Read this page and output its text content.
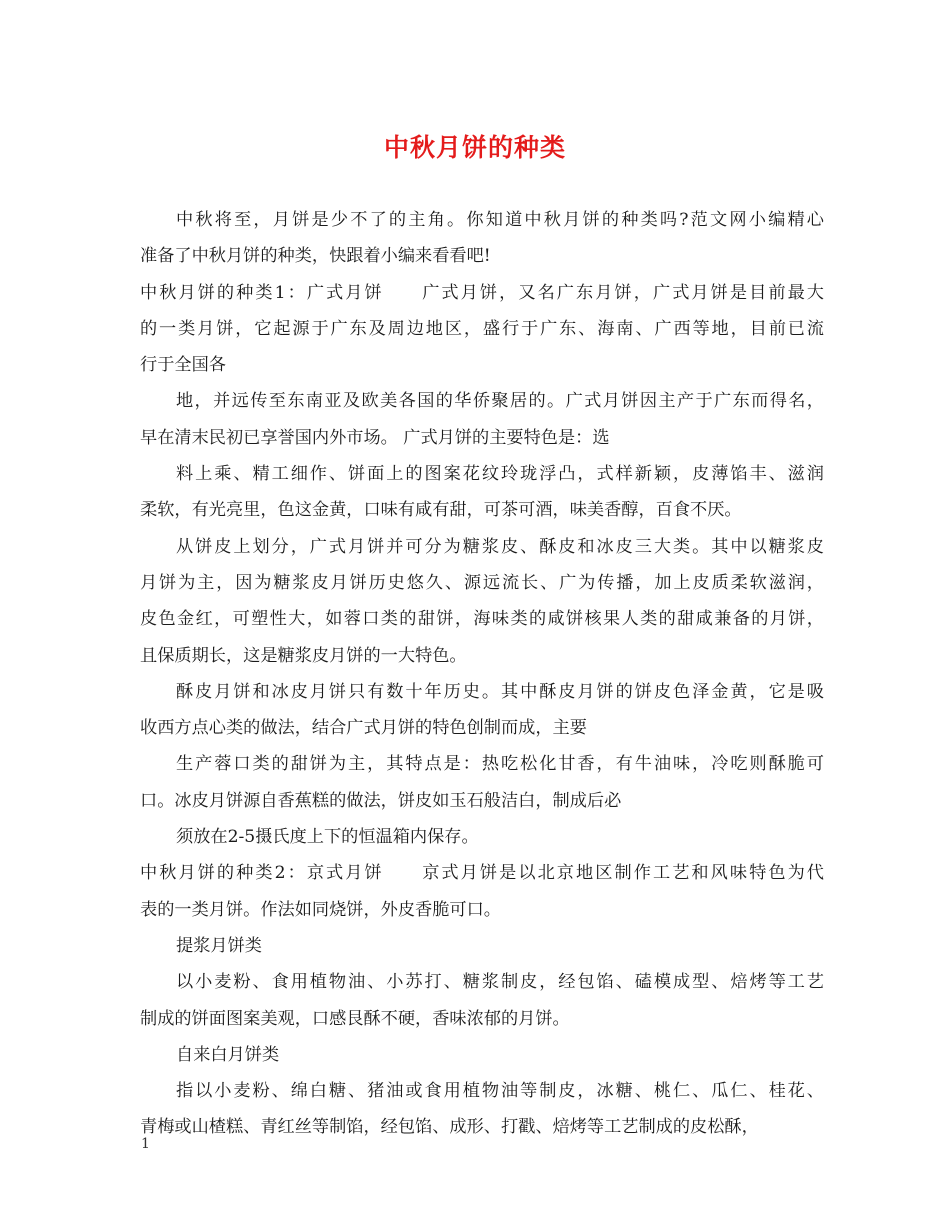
中秋月饼的种类
中秋将至，月饼是少不了的主角。你知道中秋月饼的种类吗?范文网小编精心
准备了中秋月饼的种类，快跟着小编来看看吧!
中秋月饼的种类1：广式月饼　　广式月饼，又名广东月饼，广式月饼是目前最大
的一类月饼，它起源于广东及周边地区，盛行于广东、海南、广西等地，目前已流
行于全国各
地，并远传至东南亚及欧美各国的华侨聚居的。广式月饼因主产于广东而得名，
早在清末民初已享誉国内外市场。 广式月饼的主要特色是：选
料上乘、精工细作、饼面上的图案花纹玲珑浮凸，式样新颖，皮薄馅丰、滋润
柔软，有光亮里，色这金黄，口味有咸有甜，可茶可酒，味美香醇，百食不厌。
从饼皮上划分，广式月饼并可分为糖浆皮、酥皮和冰皮三大类。其中以糖浆皮
月饼为主，因为糖浆皮月饼历史悠久、源远流长、广为传播，加上皮质柔软滋润，
皮色金红，可塑性大，如蓉口类的甜饼，海味类的咸饼核果人类的甜咸兼备的月饼，
且保质期长，这是糖浆皮月饼的一大特色。
酥皮月饼和冰皮月饼只有数十年历史。其中酥皮月饼的饼皮色泽金黄，它是吸
收西方点心类的做法，结合广式月饼的特色创制而成，主要
生产蓉口类的甜饼为主，其特点是：热吃松化甘香，有牛油味，冷吃则酥脆可
口。冰皮月饼源自香蕉糕的做法，饼皮如玉石般洁白，制成后必
须放在2-5摄氏度上下的恒温箱内保存。
中秋月饼的种类2：京式月饼　　京式月饼是以北京地区制作工艺和风味特色为代
表的一类月饼。作法如同烧饼，外皮香脆可口。
提浆月饼类
以小麦粉、食用植物油、小苏打、糖浆制皮，经包馅、磕模成型、焙烤等工艺
制成的饼面图案美观，口感艮酥不硬，香味浓郁的月饼。
自来白月饼类
指以小麦粉、绵白糖、猪油或食用植物油等制皮，冰糖、桃仁、瓜仁、桂花、
青梅或山楂糕、青红丝等制馅，经包馅、成形、打戳、焙烤等工艺制成的皮松酥，
1
